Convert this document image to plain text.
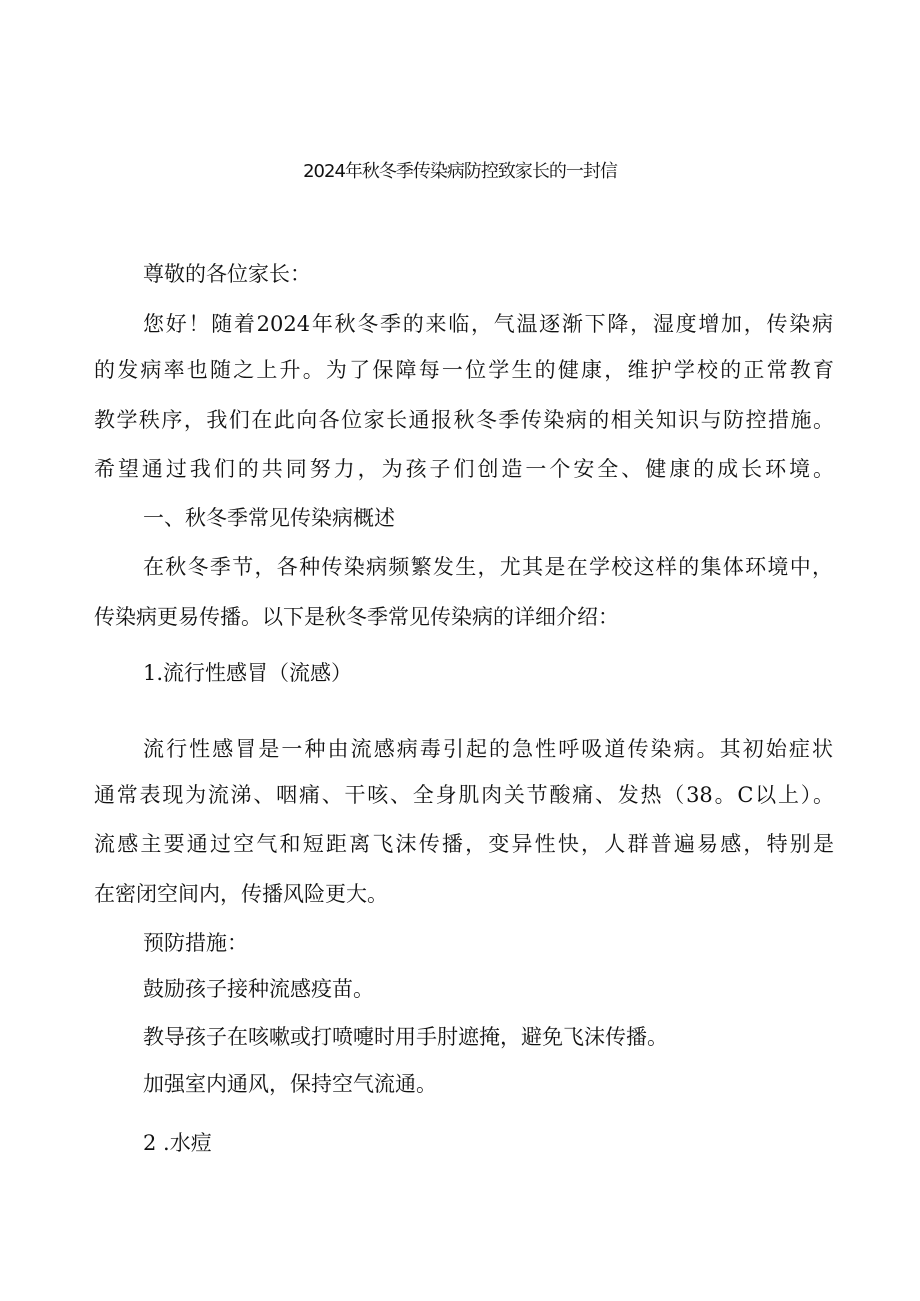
2024年秋冬季传染病防控致家长的一封信

尊敬的各位家长：

您好！随着2024年秋冬季的来临，气温逐渐下降，湿度增加，传染病

的发病率也随之上升。为了保障每一位学生的健康，维护学校的正常教育

教学秩序，我们在此向各位家长通报秋冬季传染病的相关知识与防控措施。

希望通过我们的共同努力，为孩子们创造一个安全、健康的成长环境。

一、秋冬季常见传染病概述

在秋冬季节，各种传染病频繁发生，尤其是在学校这样的集体环境中，

传染病更易传播。以下是秋冬季常见传染病的详细介绍：

1.流行性感冒（流感）

流行性感冒是一种由流感病毒引起的急性呼吸道传染病。其初始症状

通常表现为流涕、咽痛、干咳、全身肌肉关节酸痛、发热（38。C以上）。

流感主要通过空气和短距离飞沫传播，变异性快，人群普遍易感，特别是

在密闭空间内，传播风险更大。

预防措施：

鼓励孩子接种流感疫苗。

教导孩子在咳嗽或打喷嚏时用手肘遮掩，避免飞沫传播。

加强室内通风，保持空气流通。

2 .水痘
